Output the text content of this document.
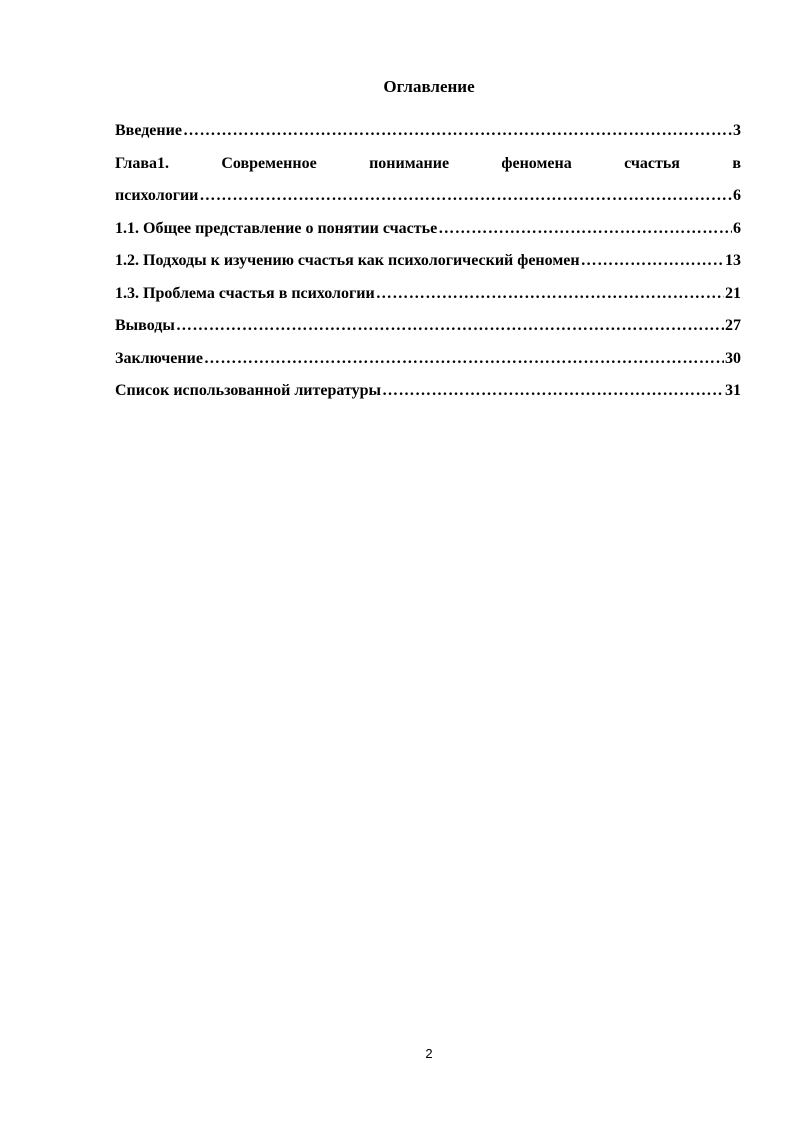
Оглавление
Введение ……………………………………………………………………………………………………………………………………………………	3
Глава1.	Современное	понимание	феномена	счастья	в
психологии ……………………………………………………………………………………………………………………………………………………	6
1.1. Общее представление о понятии счастье ……………………………………………………………………………………………………………………………………………………	6
1.2. Подходы к изучению счастья как психологический феномен ……………………………………………………………………………………………………………………………………………………	13
1.3. Проблема счастья в психологии ……………………………………………………………………………………………………………………………………………………	21
Выводы ……………………………………………………………………………………………………………………………………………………	27
Заключение ……………………………………………………………………………………………………………………………………………………	30
Список использованной литературы ……………………………………………………………………………………………………………………………………………………	31
2
